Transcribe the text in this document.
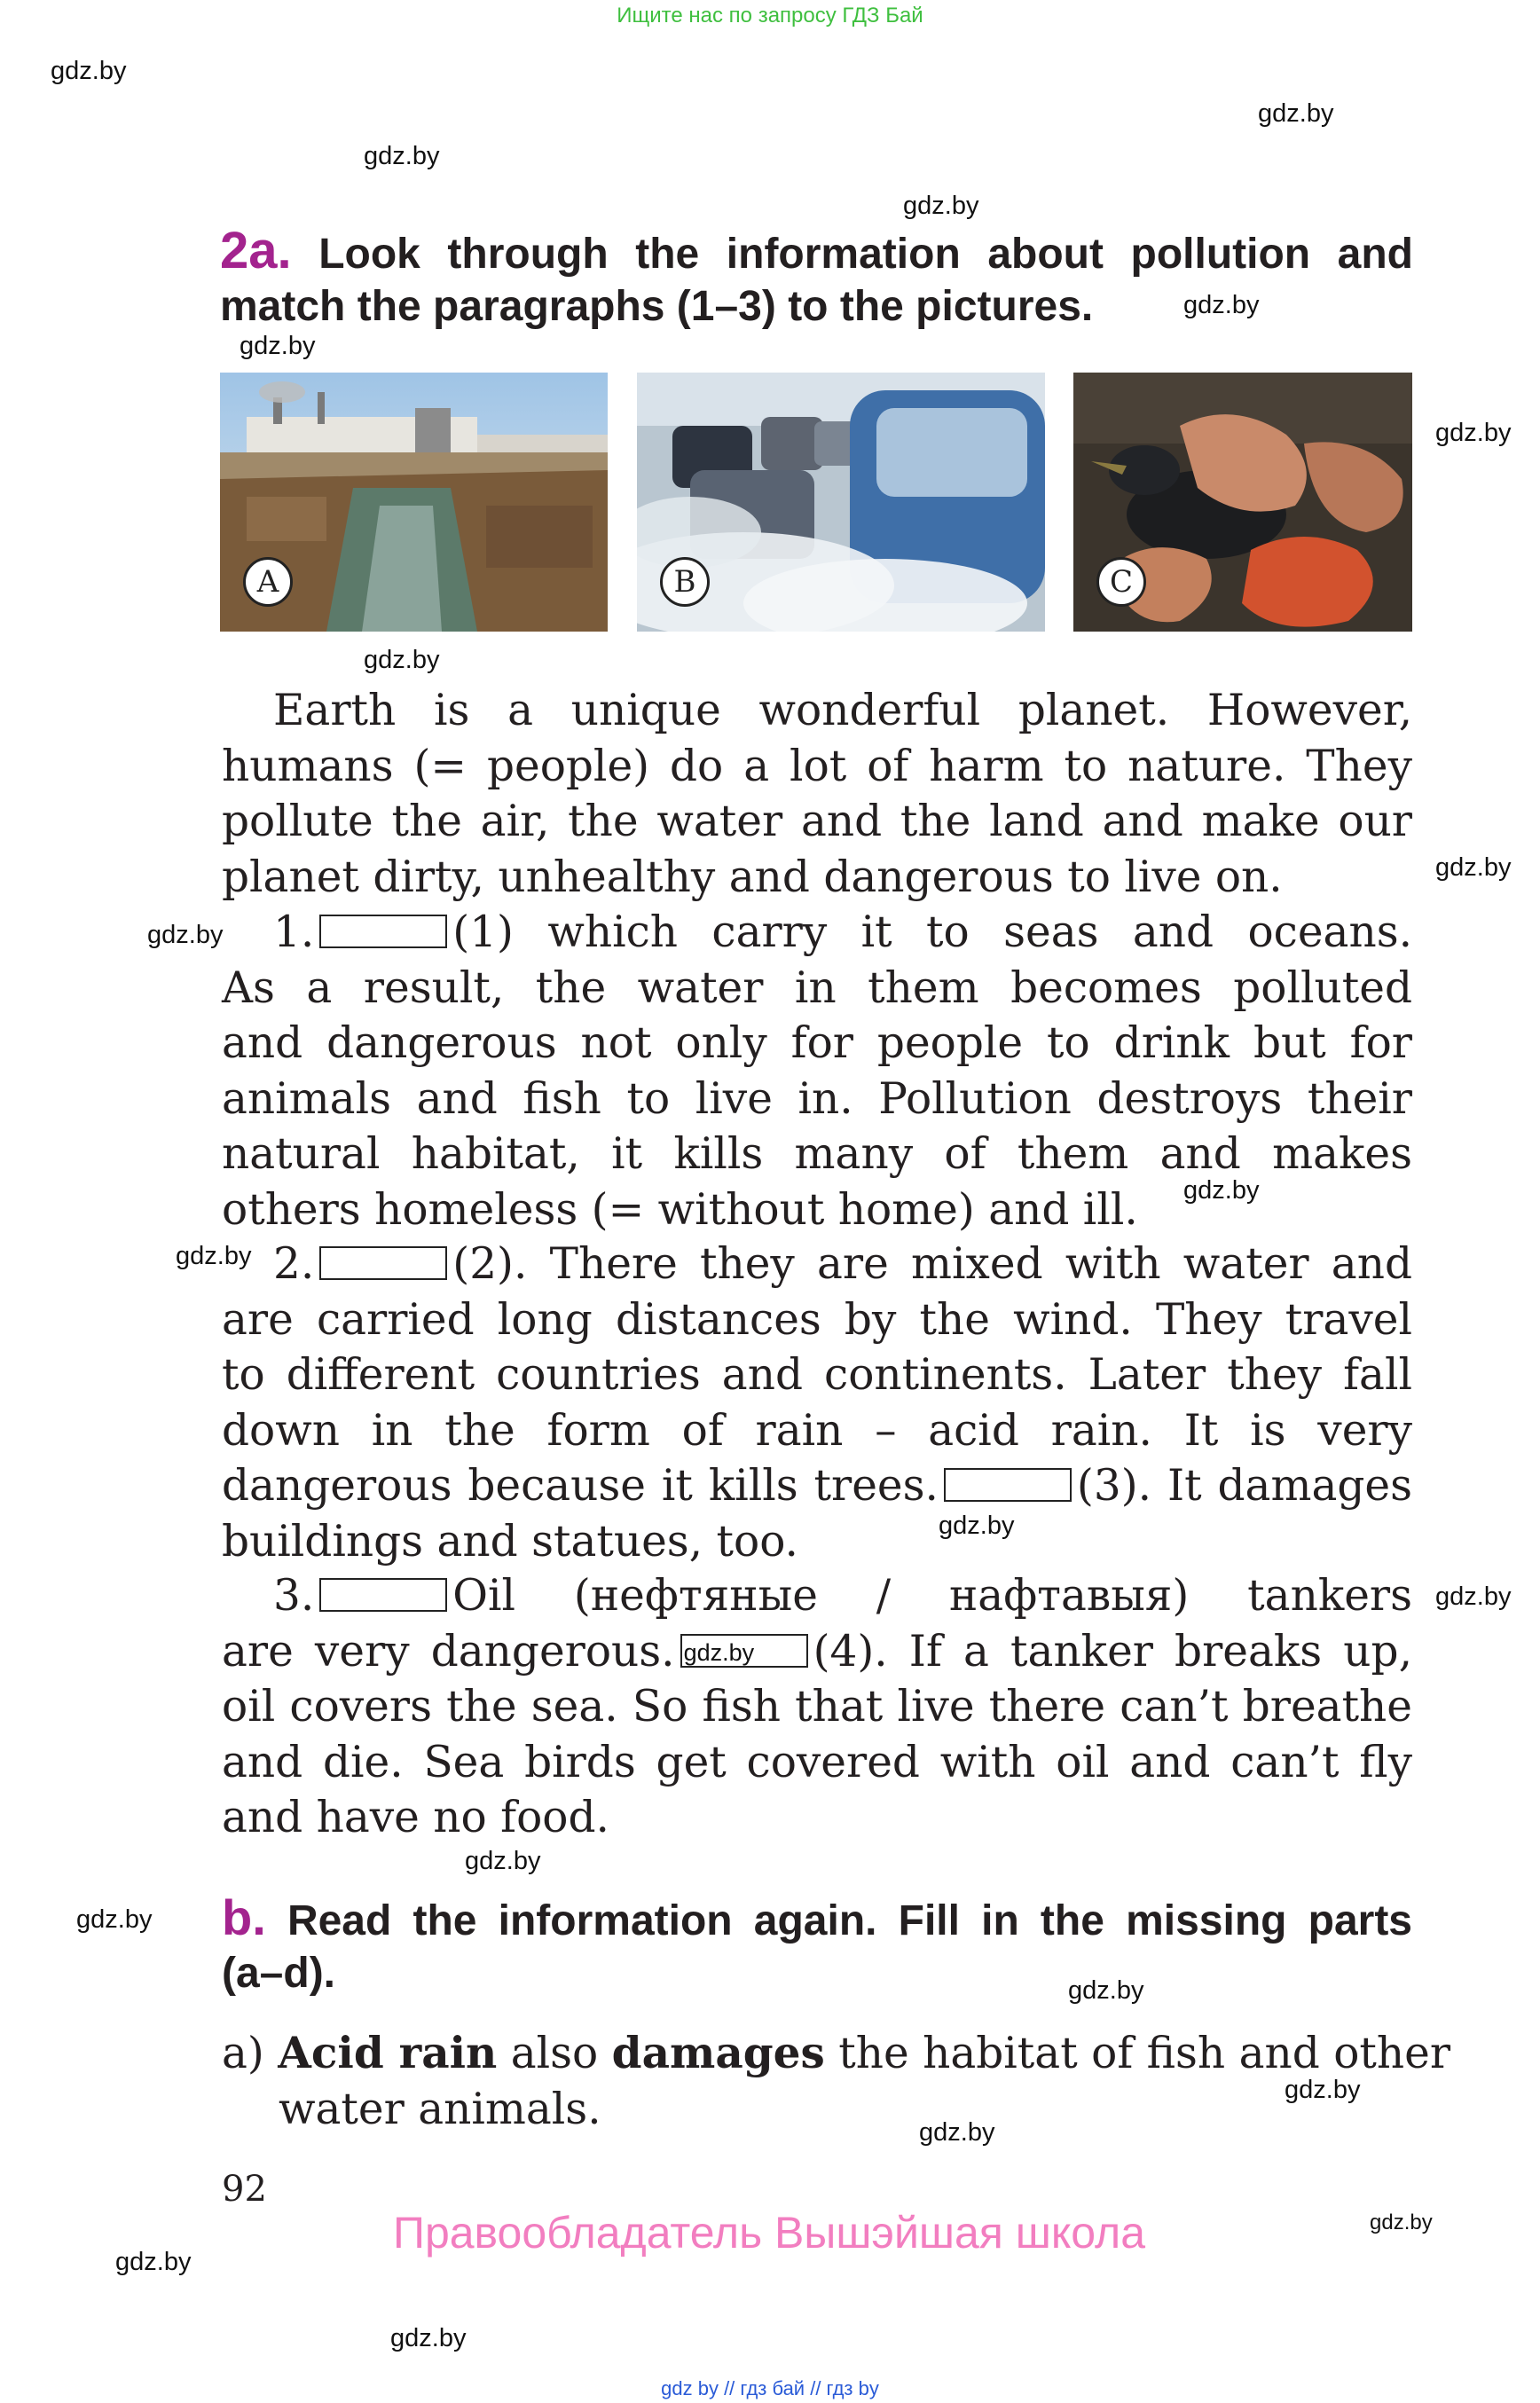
Ищите нас по запросу ГДЗ Бай
gdz.by
gdz.by
gdz.by
gdz.by
gdz.by
gdz.by
gdz.by
gdz.by
gdz.by
gdz.by
gdz.by
gdz.by
gdz.by
gdz.by
gdz.by
gdz.by
gdz.by
gdz.by
gdz.by
gdz.by
gdz.by
gdz.by
2a. Look through the information about pollution and
match the paragraphs (1–3) to the pictures.
A	B	C
Earth is a unique wonderful planet. However,
humans (= people) do a lot of harm to nature. They
pollute the air, the water and the land and make our
planet dirty, unhealthy and dangerous to live on.
1.	(1) which carry it to seas and oceans.
As a result, the water in them becomes polluted
and dangerous not only for people to drink but for
animals and fish to live in. Pollution destroys their
natural habitat, it kills many of them and makes
others homeless (= without home) and ill.
2.	(2). There they are mixed with water and
are carried long distances by the wind. They travel
to different countries and continents. Later they fall
down in the form of rain – acid rain. It is very
dangerous because it kills trees.	(3). It damages
buildings and statues, too.
3.	Oil (нефтяные / нафтавыя) tankers
are very dangerous. gdz.by (4). If a tanker breaks up,
oil covers the sea. So fish that live there can’t breathe
and die. Sea birds get covered with oil and can’t fly
and have no food.
b. Read the information again. Fill in the missing parts
(a–d).
a) Acid rain also damages the habitat of fish and other
water animals.
92
Правообладатель Вышэйшая школа
gdz by // гдз бай // гдз by
